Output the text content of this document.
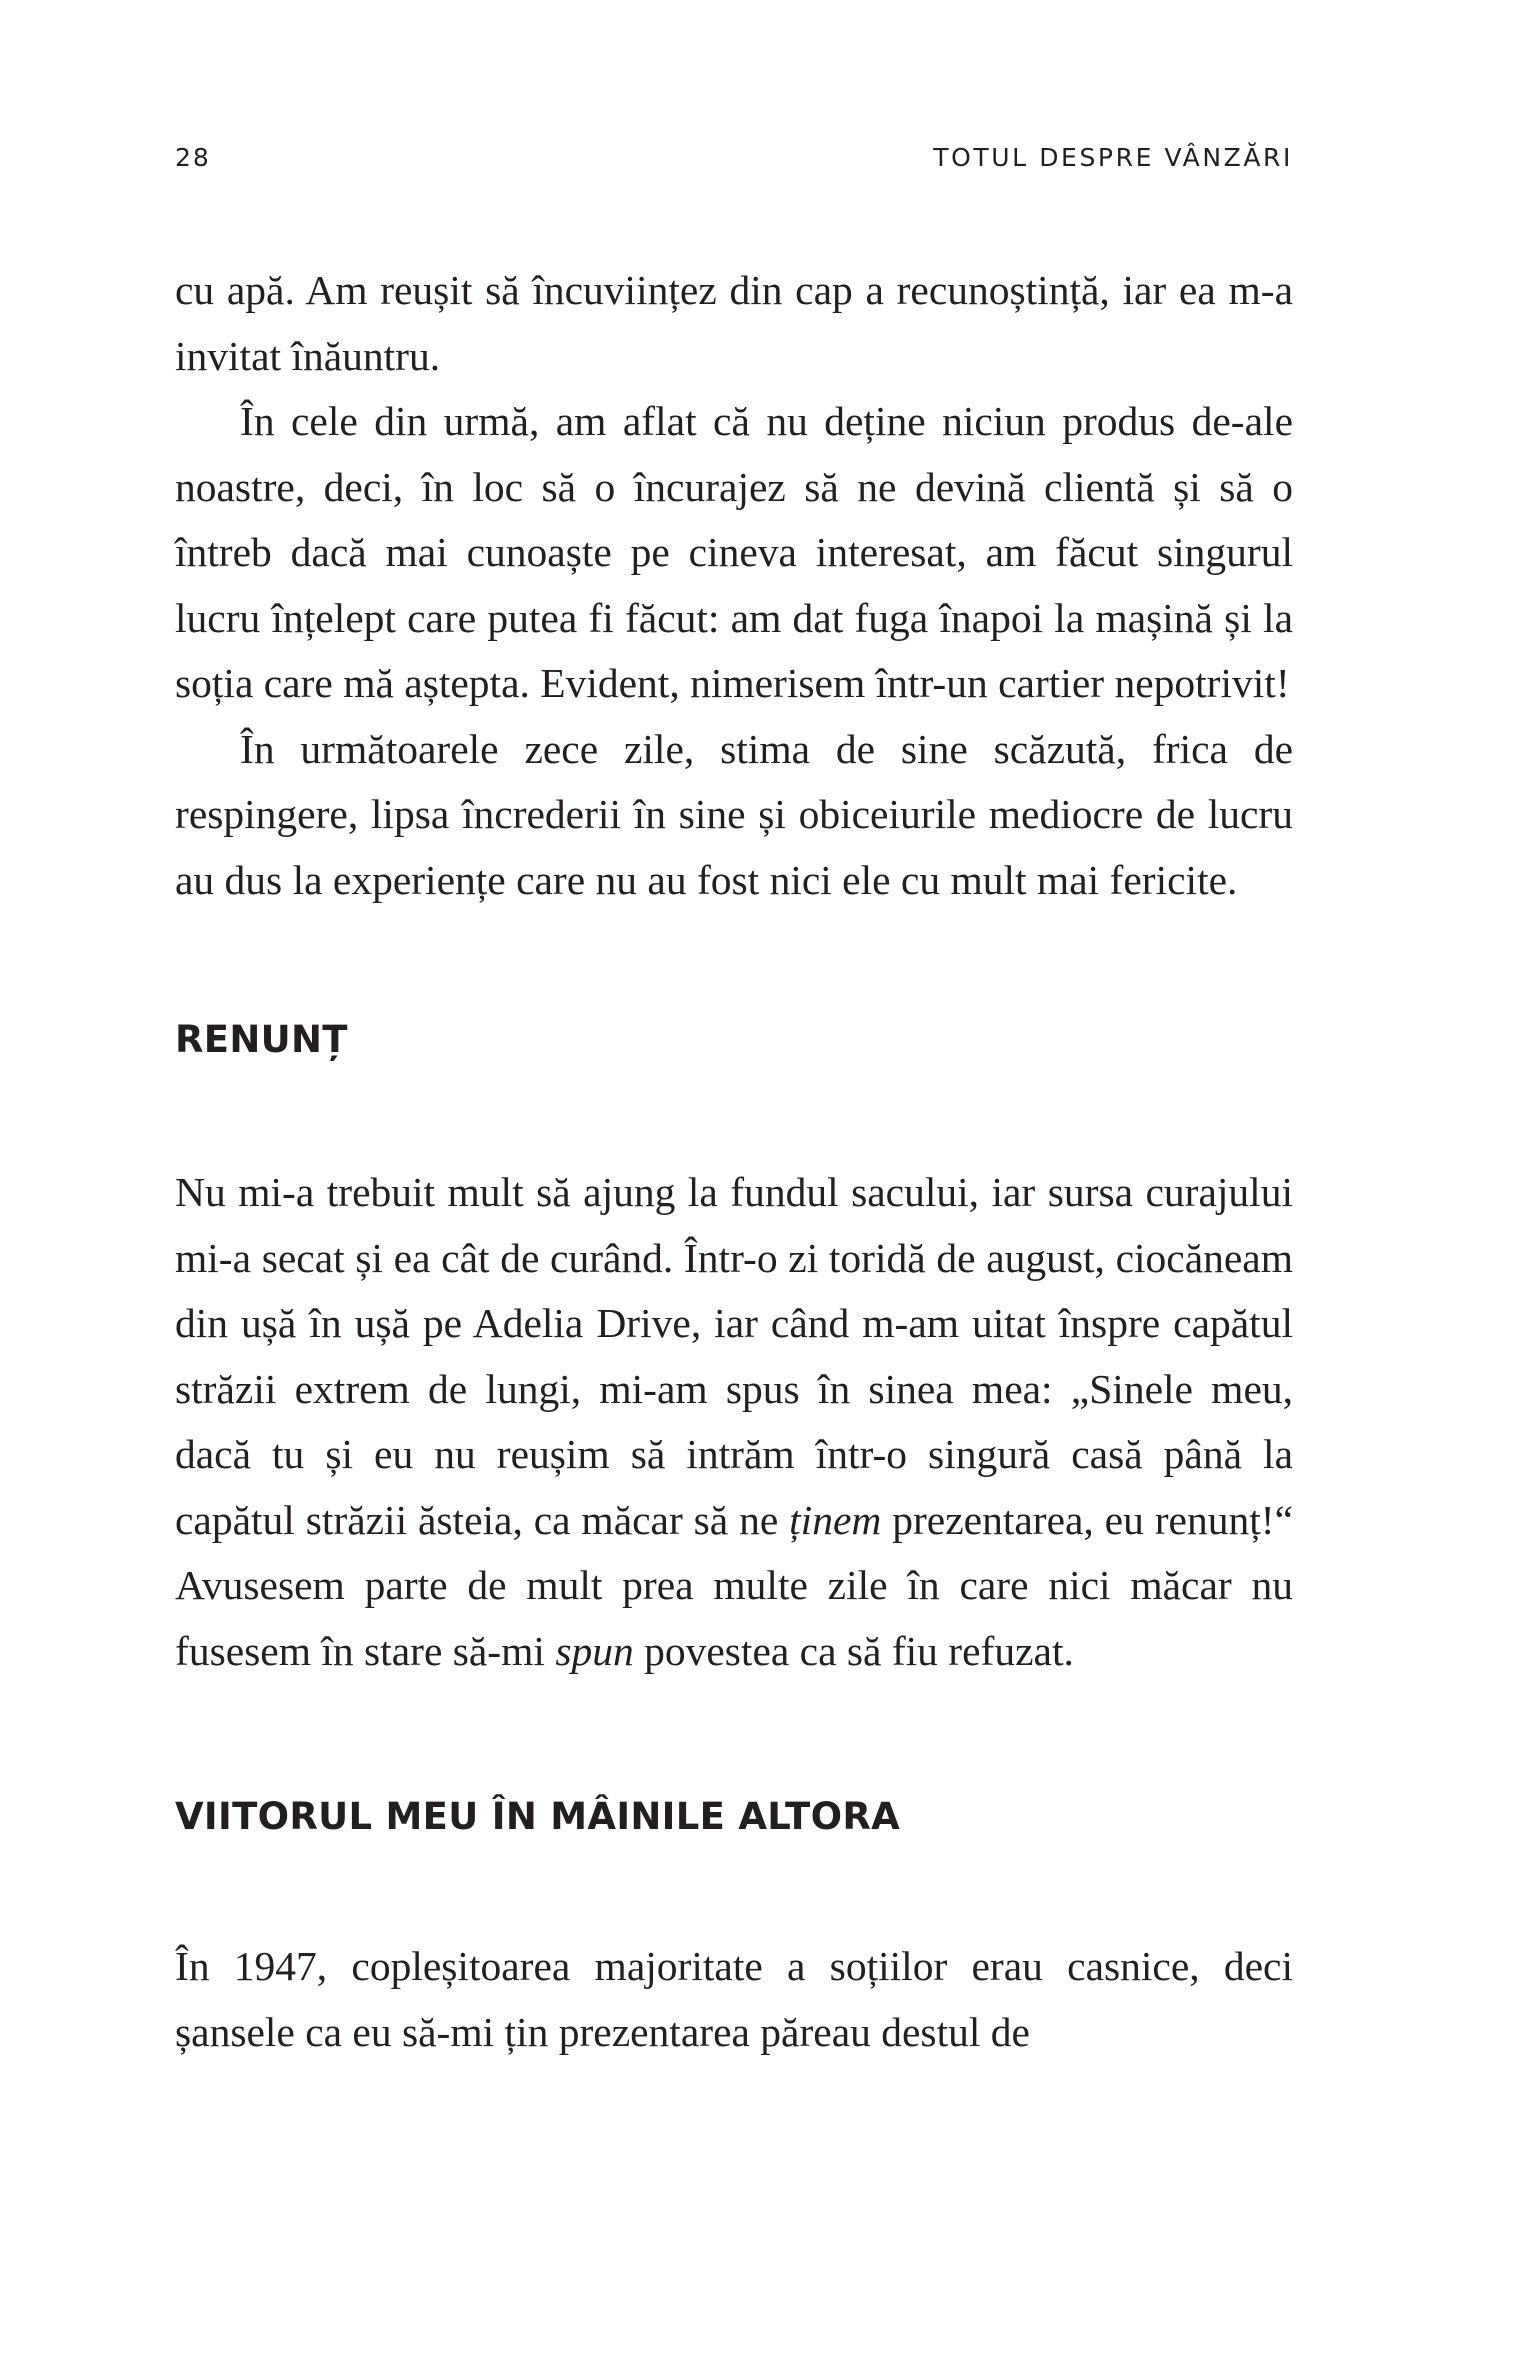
28	TOTUL DESPRE VÂNZĂRI

cu apă. Am reușit să încuviințez din cap a recunoștință, iar ea m-a invitat înăuntru.

În cele din urmă, am aflat că nu deține niciun produs de-ale noastre, deci, în loc să o încurajez să ne devină clientă și să o întreb dacă mai cunoaște pe cineva interesat, am făcut singurul lucru înțelept care putea fi făcut: am dat fuga înapoi la mașină și la soția care mă aștepta. Evident, nimerisem într-un cartier nepotrivit!

În următoarele zece zile, stima de sine scăzută, frica de respingere, lipsa încrederii în sine și obiceiurile mediocre de lucru au dus la experiențe care nu au fost nici ele cu mult mai fericite.

RENUNȚ

Nu mi-a trebuit mult să ajung la fundul sacului, iar sursa curajului mi-a secat și ea cât de curând. Într-o zi toridă de august, ciocăneam din ușă în ușă pe Adelia Drive, iar când m-am uitat înspre capătul străzii extrem de lungi, mi-am spus în sinea mea: „Sinele meu, dacă tu și eu nu reușim să intrăm într-o singură casă până la capătul străzii ăsteia, ca măcar să ne ținem prezentarea, eu renunț!“ Avusesem parte de mult prea multe zile în care nici măcar nu fusesem în stare să-mi spun povestea ca să fiu refuzat.

VIITORUL MEU ÎN MÂINILE ALTORA

În 1947, copleșitoarea majoritate a soțiilor erau casnice, deci șansele ca eu să-mi țin prezentarea păreau destul de
